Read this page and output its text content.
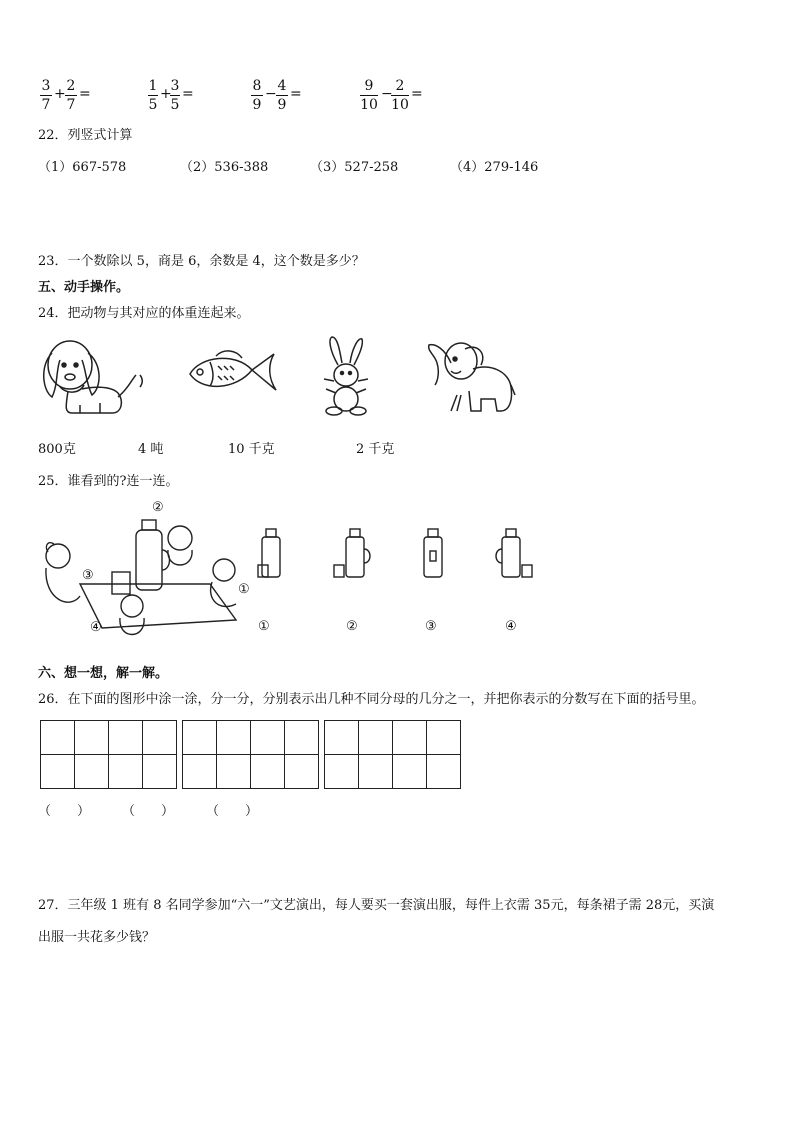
3
7
+ 2
7
=	1
5
+
3
5
=	8
9
− 4
9
=	9
10
− 2
10
=
22．列竖式计算
（1）667-578	（2）536-388	（3）527-258	（4）279-146
23．一个数除以 5，商是 6，余数是 4，这个数是多少？
五、动手操作。
24．把动物与其对应的体重连起来。
800克	4 吨	10 千克	2 千克
25．谁看到的?连一连。
②
③
①
④	①	②	③	④
六、想一想，解一解。
26．在下面的图形中涂一涂，分一分，分别表示出几种不同分母的几分之一，并把你表示的分数写在下面的括号里。

（　　） （　　） （　　）
27．三年级 1 班有 8 名同学参加“六一”文艺演出，每人要买一套演出服，每件上衣需 35元，每条裙子需 28元，买演
出服一共花多少钱？
